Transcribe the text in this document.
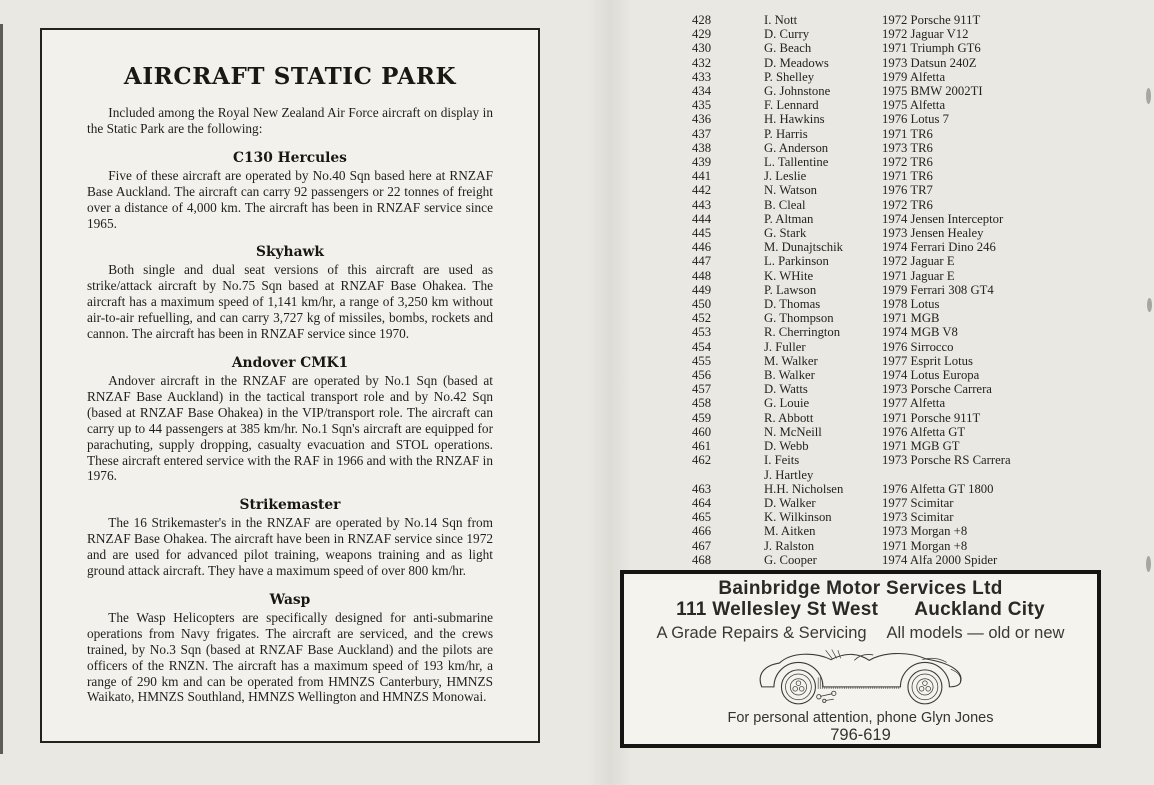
AIRCRAFT STATIC PARK

Included among the Royal New Zealand Air Force aircraft on display in the Static Park are the following:

C130 Hercules

Five of these aircraft are operated by No.40 Sqn based here at RNZAF Base Auckland. The aircraft can carry 92 passengers or 22 tonnes of freight over a distance of 4,000 km. The aircraft has been in RNZAF service since 1965.

Skyhawk

Both single and dual seat versions of this aircraft are used as strike/attack aircraft by No.75 Sqn based at RNZAF Base Ohakea. The aircraft has a maximum speed of 1,141 km/hr, a range of 3,250 km without air-to-air refuelling, and can carry 3,727 kg of missiles, bombs, rockets and cannon. The aircraft has been in RNZAF service since 1970.

Andover CMK1

Andover aircraft in the RNZAF are operated by No.1 Sqn (based at RNZAF Base Auckland) in the tactical transport role and by No.42 Sqn (based at RNZAF Base Ohakea) in the VIP/transport role. The aircraft can carry up to 44 passengers at 385 km/hr. No.1 Sqn's aircraft are equipped for parachuting, supply dropping, casualty evacuation and STOL operations. These aircraft entered service with the RAF in 1966 and with the RNZAF in 1976.

Strikemaster

The 16 Strikemaster's in the RNZAF are operated by No.14 Sqn from RNZAF Base Ohakea. The aircraft have been in RNZAF service since 1972 and are used for advanced pilot training, weapons training and as light ground attack aircraft. They have a maximum speed of over 800 km/hr.

Wasp

The Wasp Helicopters are specifically designed for anti-submarine operations from Navy frigates. The aircraft are serviced, and the crews trained, by No.3 Sqn (based at RNZAF Base Auckland) and the pilots are officers of the RNZN. The aircraft has a maximum speed of 193 km/hr, a range of 290 km and can be operated from HMNZS Canterbury, HMNZS Waikato, HMNZS Southland, HMNZS Wellington and HMNZS Monowai.

428	I. Nott	1972 Porsche 911T
429	D. Curry	1972 Jaguar V12
430	G. Beach	1971 Triumph GT6
432	D. Meadows	1973 Datsun 240Z
433	P. Shelley	1979 Alfetta
434	G. Johnstone	1975 BMW 2002TI
435	F. Lennard	1975 Alfetta
436	H. Hawkins	1976 Lotus 7
437	P. Harris	1971 TR6
438	G. Anderson	1973 TR6
439	L. Tallentine	1972 TR6
441	J. Leslie	1971 TR6
442	N. Watson	1976 TR7
443	B. Cleal	1972 TR6
444	P. Altman	1974 Jensen Interceptor
445	G. Stark	1973 Jensen Healey
446	M. Dunajtschik	1974 Ferrari Dino 246
447	L. Parkinson	1972 Jaguar E
448	K. WHite	1971 Jaguar E
449	P. Lawson	1979 Ferrari 308 GT4
450	D. Thomas	1978 Lotus
452	G. Thompson	1971 MGB
453	R. Cherrington	1974 MGB V8
454	J. Fuller	1976 Sirrocco
455	M. Walker	1977 Esprit Lotus
456	B. Walker	1974 Lotus Europa
457	D. Watts	1973 Porsche Carrera
458	G. Louie	1977 Alfetta
459	R. Abbott	1971 Porsche 911T
460	N. McNeill	1976 Alfetta GT
461	D. Webb	1971 MGB GT
462	I. Feits	1973 Porsche RS Carrera
J. Hartley
463	H.H. Nicholsen	1976 Alfetta GT 1800
464	D. Walker	1977 Scimitar
465	K. Wilkinson	1973 Scimitar
466	M. Aitken	1973 Morgan +8
467	J. Ralston	1971 Morgan +8
468	G. Cooper	1974 Alfa 2000 Spider
Bainbridge Motor Services Ltd
111 Wellesley St West Auckland City
A Grade Repairs & Servicing All models — old or new
For personal attention, phone Glyn Jones
796-619
